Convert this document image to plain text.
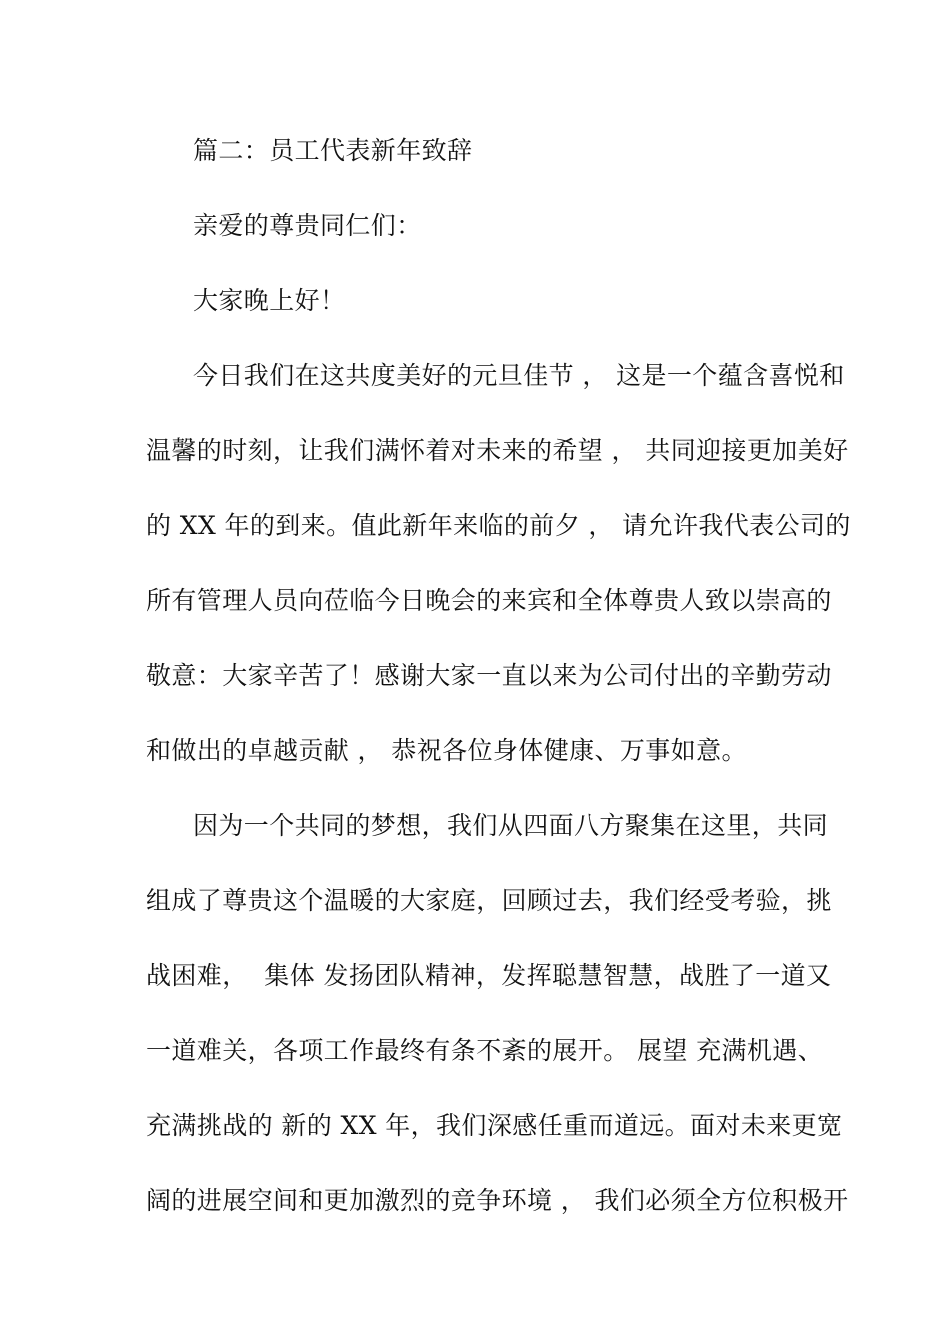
篇二：员工代表新年致辞
亲爱的尊贵同仁们：
大家晚上好！
今日我们在这共度美好的元旦佳节 ， 这是一个蕴含喜悦和
温馨的时刻，让我们满怀着对未来的希望 ， 共同迎接更加美好
的 XX 年的到来。值此新年来临的前夕 ， 请允许我代表公司的
所有管理人员向莅临今日晚会的来宾和全体尊贵人致以崇高的
敬意：大家辛苦了！感谢大家一直以来为公司付出的辛勤劳动
和做出的卓越贡献 ， 恭祝各位身体健康、万事如意。
因为一个共同的梦想，我们从四面八方聚集在这里，共同
组成了尊贵这个温暖的大家庭，回顾过去，我们经受考验，挑
战困难，  集体 发扬团队精神，发挥聪慧智慧，战胜了一道又
一道难关，各项工作最终有条不紊的展开。 展望 充满机遇、
充满挑战的 新的 XX 年，我们深感任重而道远。面对未来更宽
阔的进展空间和更加激烈的竞争环境 ， 我们必须全方位积极开
